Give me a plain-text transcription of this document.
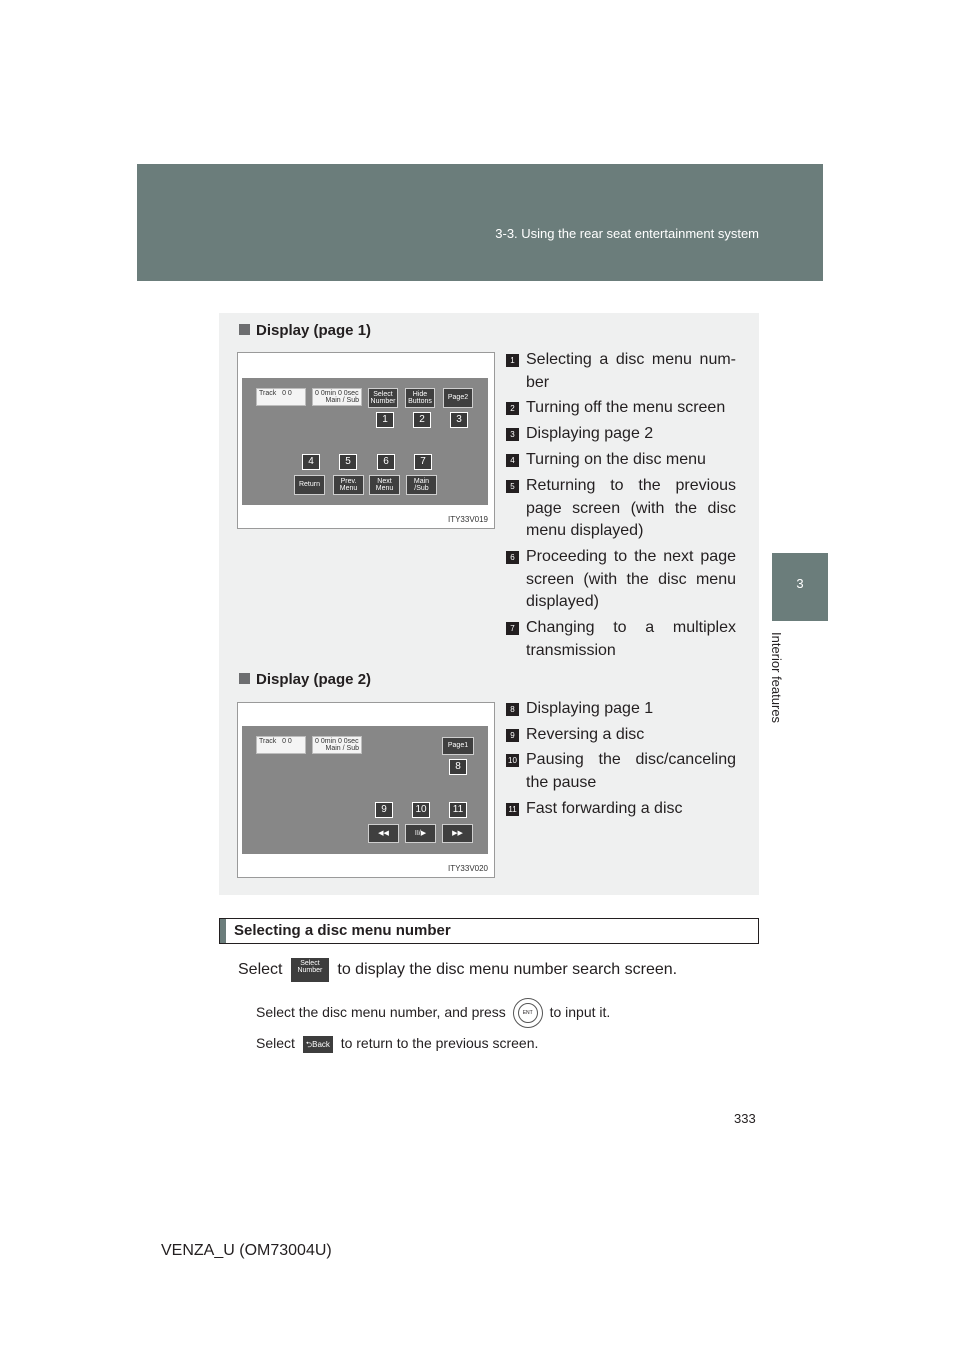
3-3. Using the rear seat entertainment system
3
Interior features
Display (page 1)
Track 0 0	0 0min 0 0sec
Main / Sub
Select Number
Hide Buttons
Page2
1	2	3
4	5	6	7
Return
Prev. Menu
Next Menu
Main /Sub
ITY33V019
1 Selecting a disc menu num-ber
2 Turning off the menu screen
3 Displaying page 2
4 Turning on the disc menu
5 Returning to the previous page screen (with the disc menu displayed)
6 Proceeding to the next page screen (with the disc menu displayed)
7 Changing to a multiplex transmission
Display (page 2)
Track 0 0	0 0min 0 0sec
Main / Sub	Page1
8
9	10	11
◀◀	II/▶	▶▶
ITY33V020
8 Displaying page 1
9 Reversing a disc
10 Pausing the disc/canceling the pause
11 Fast forwarding a disc
Selecting a disc menu number
Select	Select Number to display the disc menu number search screen.
Select the disc menu number, and press	ENT	to input it.
Select ⮌Back to return to the previous screen.
333
VENZA_U (OM73004U)
